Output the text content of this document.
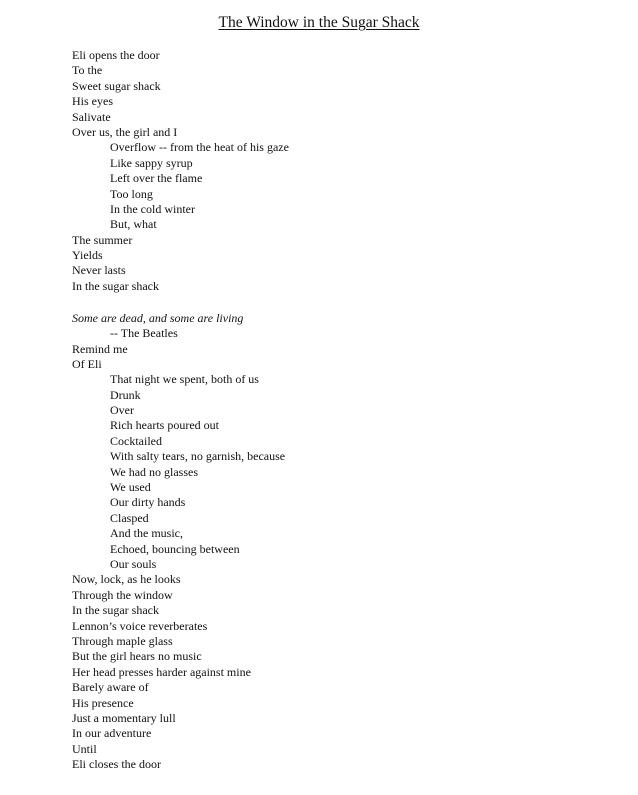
The Window in the Sugar Shack
Eli opens the door
To the
Sweet sugar shack
His eyes
Salivate
Over us, the girl and I
Overflow -- from the heat of his gaze
Like sappy syrup
Left over the flame
Too long
In the cold winter
But, what
The summer
Yields
Never lasts
In the sugar shack
Some are dead, and some are living
-- The Beatles
Remind me
Of Eli
That night we spent, both of us
Drunk
Over
Rich hearts poured out
Cocktailed
With salty tears, no garnish, because
We had no glasses
We used
Our dirty hands
Clasped
And the music,
Echoed, bouncing between
Our souls
Now, lock, as he looks
Through the window
In the sugar shack
Lennon’s voice reverberates
Through maple glass
But the girl hears no music
Her head presses harder against mine
Barely aware of
His presence
Just a momentary lull
In our adventure
Until
Eli closes the door
